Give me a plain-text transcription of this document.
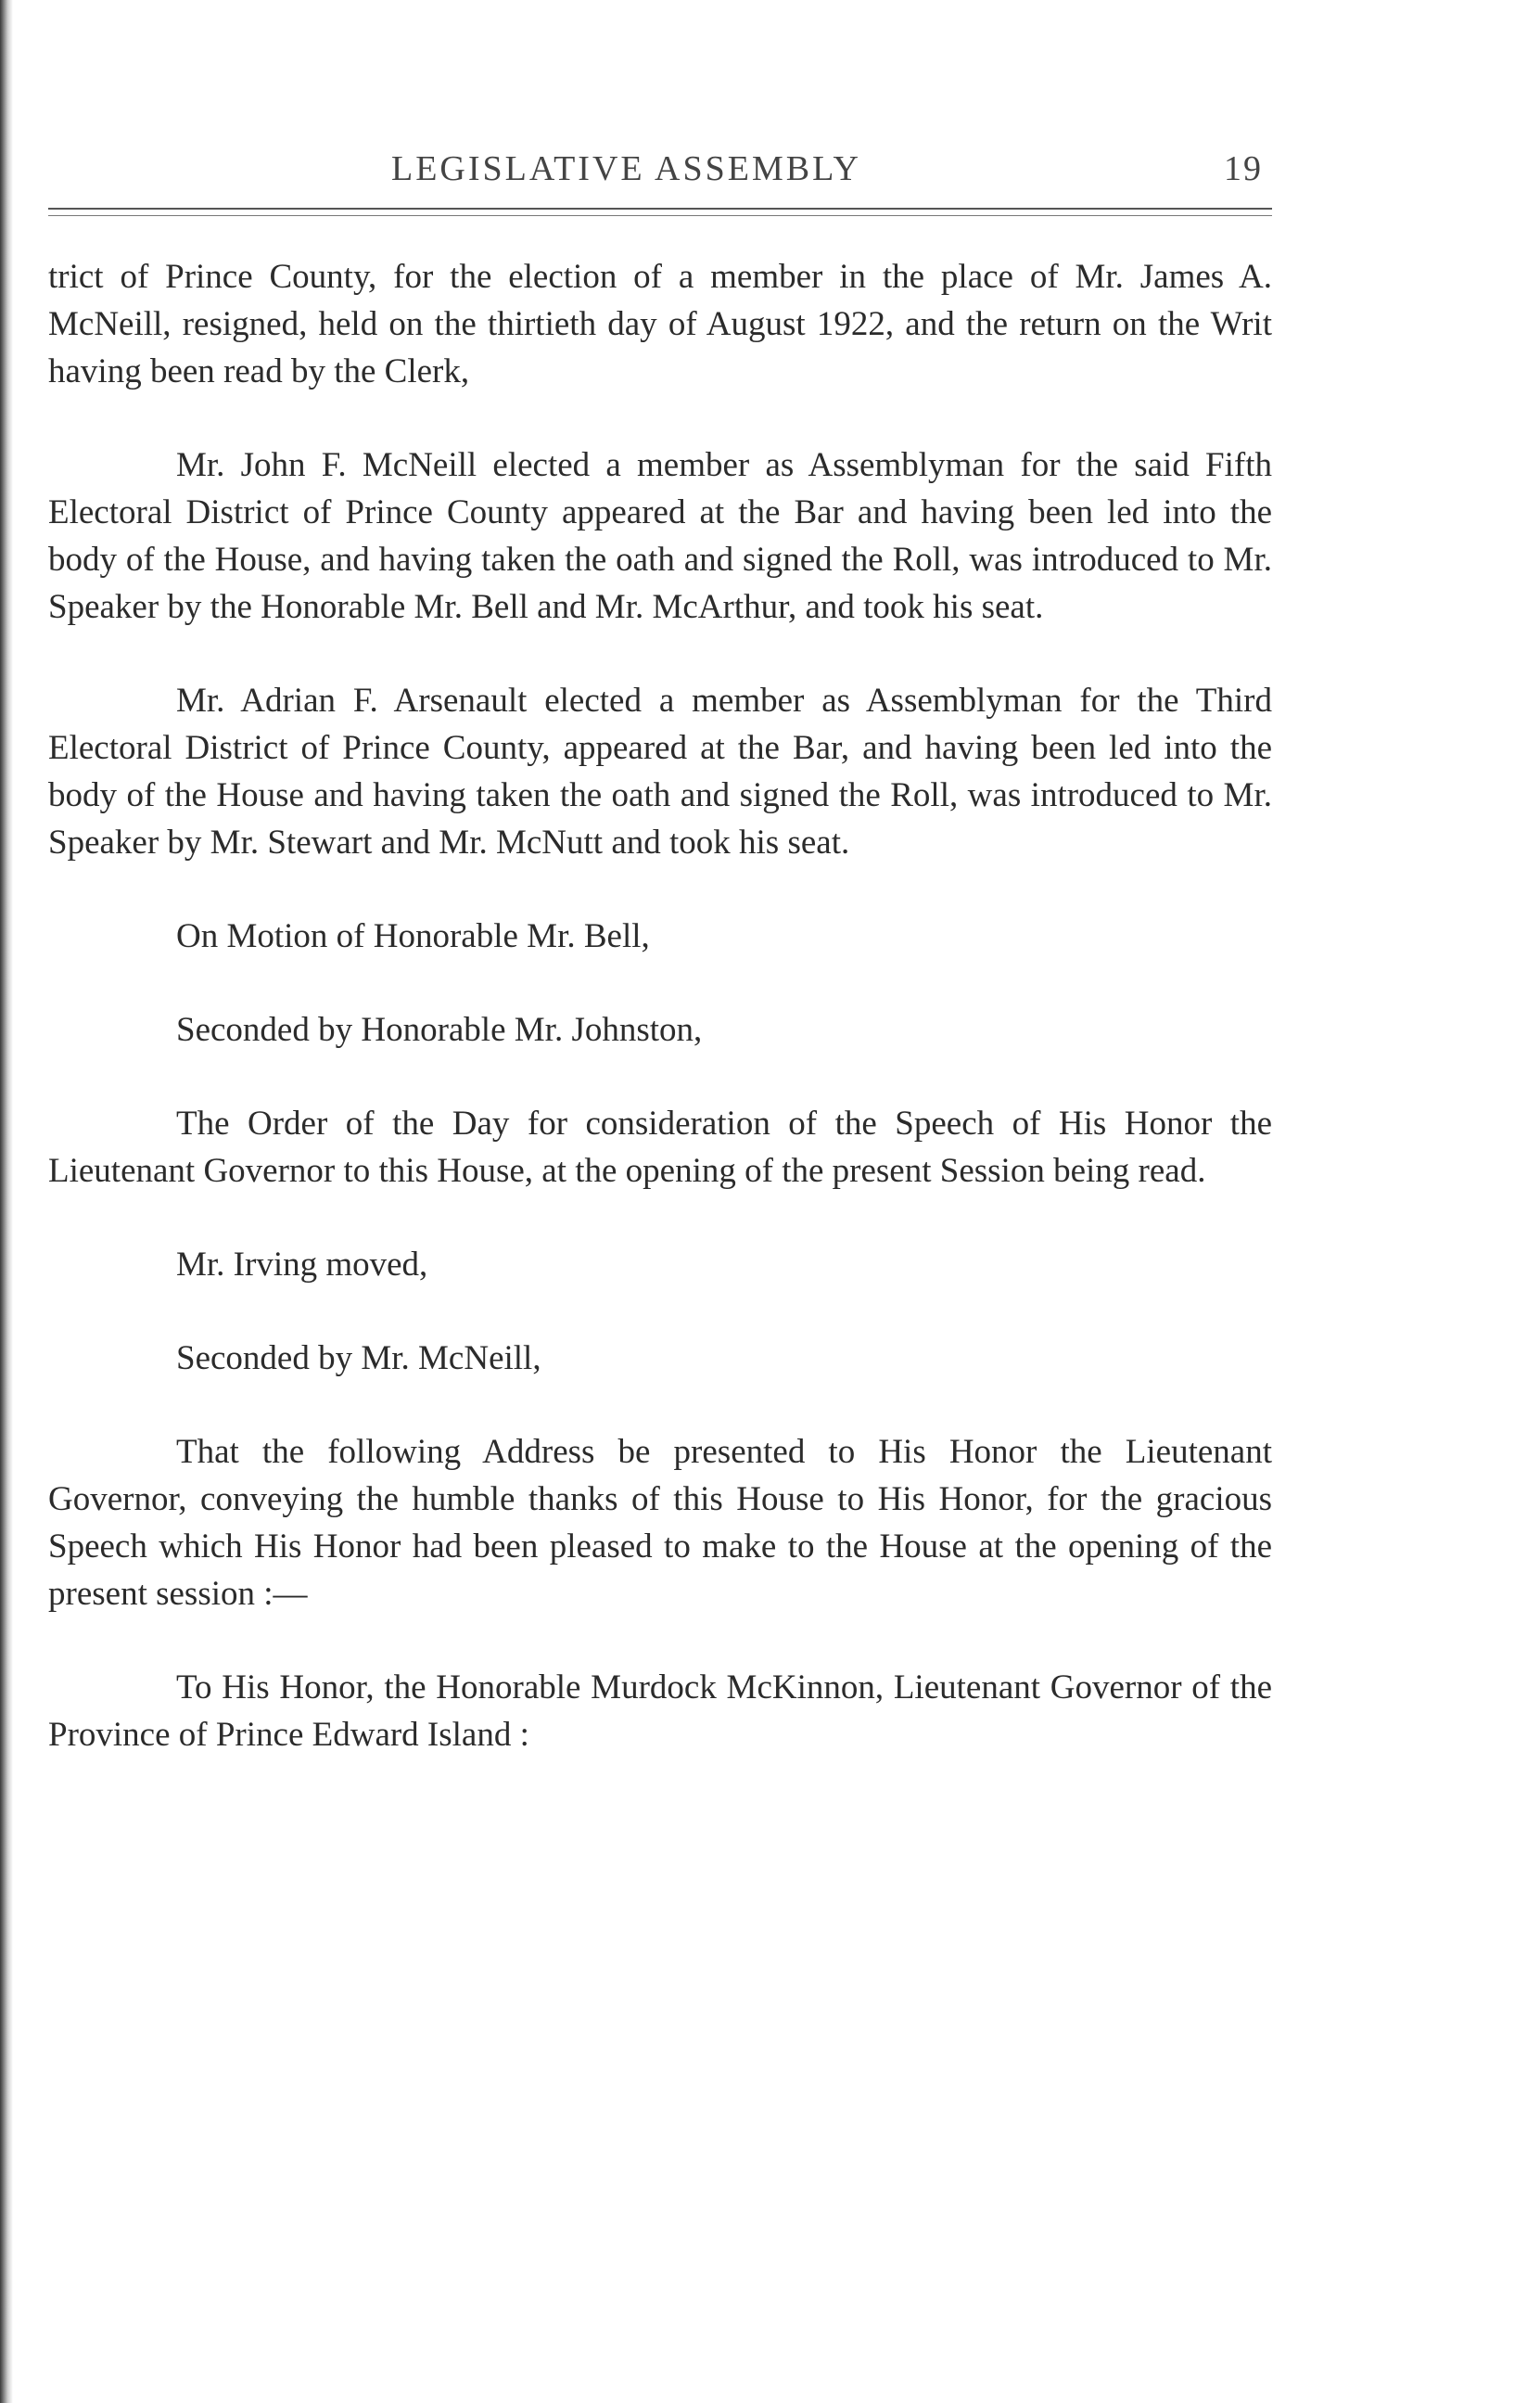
LEGISLATIVE ASSEMBLY	19

trict of Prince County, for the election of a member in the place of Mr. James A. McNeill, resigned, held on the thirtieth day of August 1922, and the return on the Writ having been read by the Clerk,

Mr. John F. McNeill elected a member as Assemblyman for the said Fifth Electoral District of Prince County appeared at the Bar and having been led into the body of the House, and having taken the oath and signed the Roll, was introduced to Mr. Speaker by the Honorable Mr. Bell and Mr. McArthur, and took his seat.

Mr. Adrian F. Arsenault elected a member as Assemblyman for the Third Electoral District of Prince County, appeared at the Bar, and having been led into the body of the House and having taken the oath and signed the Roll, was introduced to Mr. Speaker by Mr. Stewart and Mr. McNutt and took his seat.

On Motion of Honorable Mr. Bell,

Seconded by Honorable Mr. Johnston,

The Order of the Day for consideration of the Speech of His Honor the Lieutenant Governor to this House, at the opening of the present Session being read.

Mr. Irving moved,

Seconded by Mr. McNeill,

That the following Address be presented to His Honor the Lieutenant Governor, conveying the humble thanks of this House to His Honor, for the gracious Speech which His Honor had been pleased to make to the House at the opening of the present session :—

To His Honor, the Honorable Murdock McKinnon, Lieutenant Governor of the Province of Prince Edward Island :
